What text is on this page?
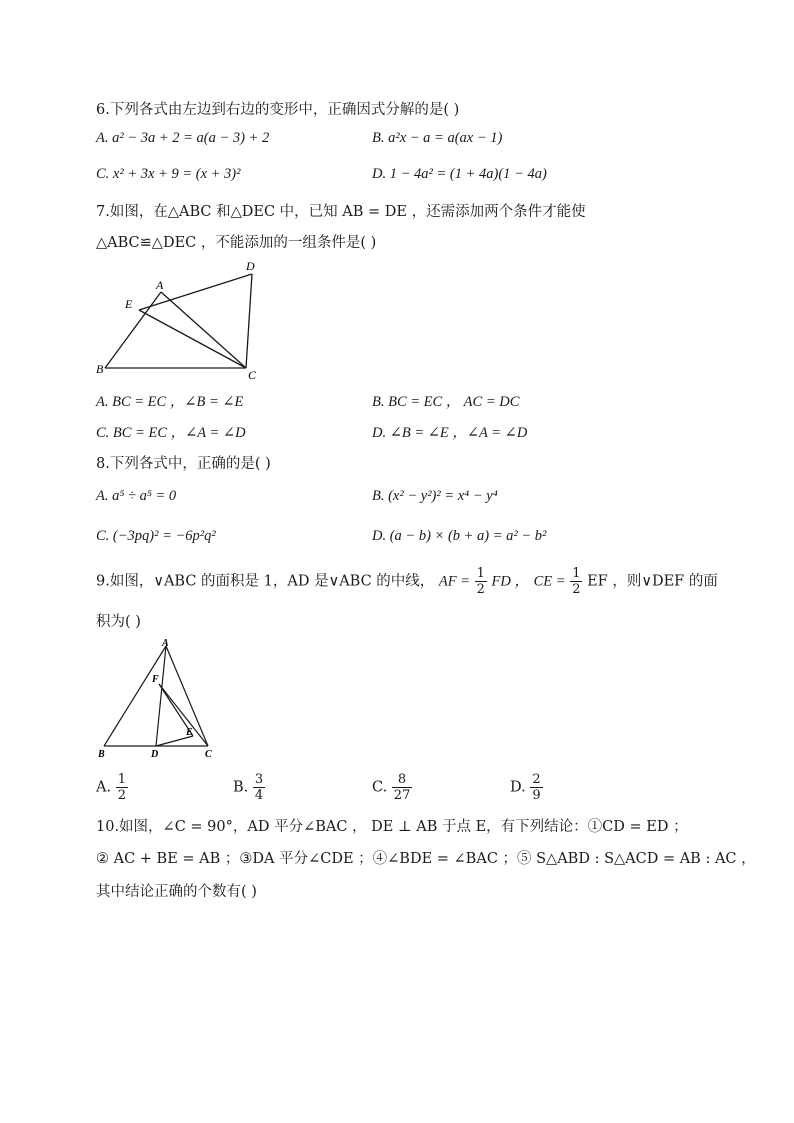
6.下列各式由左边到右边的变形中，正确因式分解的是( )
A. a² − 3a + 2 = a(a − 3) + 2	B. a²x − a = a(ax − 1)
C. x² + 3x + 9 = (x + 3)²	D. 1 − 4a² = (1 + 4a)(1 − 4a)
7.如图，在△ABC 和△DEC 中，已知 AB = DE ，还需添加两个条件才能使
△ABC≌△DEC ，不能添加的一组条件是( )
A
D
E
B	C
A. BC = EC ，∠B = ∠E	B. BC = EC ， AC = DC
C. BC = EC ，∠A = ∠D	D. ∠B = ∠E ，∠A = ∠D
8.下列各式中，正确的是( )
A. a⁵ ÷ a⁵ = 0	B. (x² − y²)² = x⁴ − y⁴
C. (−3pq)² = −6p²q²	D. (a − b) × (b + a) = a² − b²
9.如图，∨ABC 的面积是 1，AD 是∨ABC 的中线， AF = $\frac{1}{2}$ FD ， CE = $\frac{1}{2}$ EF ，则∨DEF 的面
积为( )
A
F
E
B	D	C
A. $\frac{1}{2}$	B. $\frac{3}{4}$	C. $\frac{8}{27}$	D. $\frac{2}{9}$
10.如图，∠C = 90°，AD 平分∠BAC ， DE ⊥ AB 于点 E，有下列结论：①CD = ED ；
② AC + BE = AB ；③DA 平分∠CDE ；④∠BDE = ∠BAC ；⑤ S△ABD : S△ACD = AB : AC ，
其中结论正确的个数有( )
